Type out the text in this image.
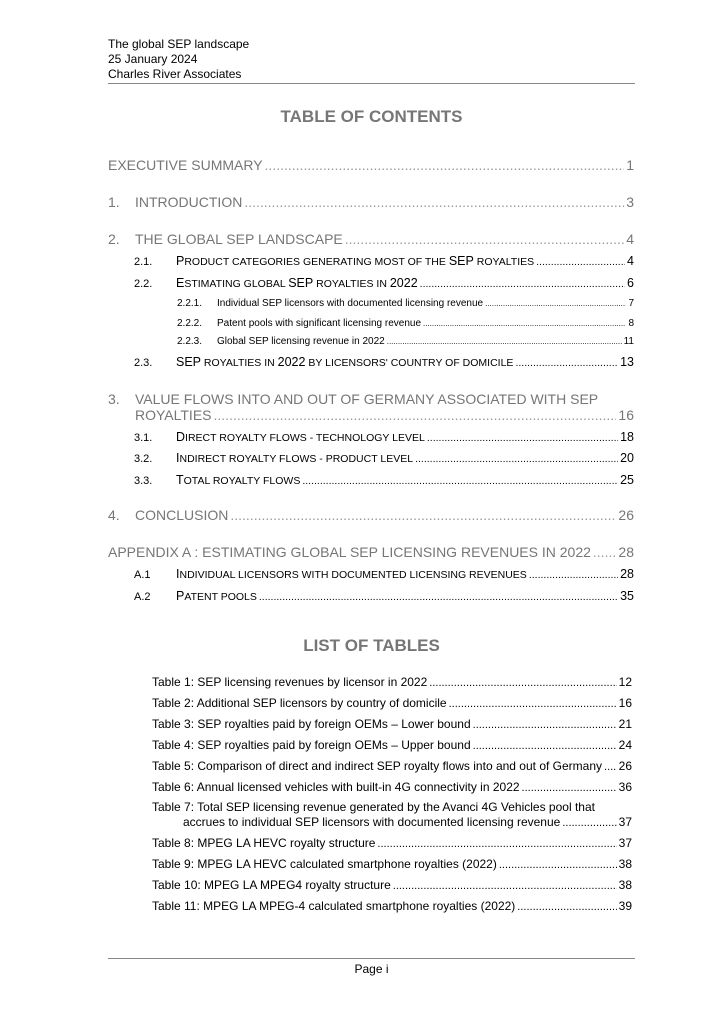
The global SEP landscape
25 January 2024
Charles River Associates
TABLE OF CONTENTS
EXECUTIVE SUMMARY .....	1
1.	INTRODUCTION .....	3
2.	THE GLOBAL SEP LANDSCAPE .....	4
2.1.	PRODUCT CATEGORIES GENERATING MOST OF THE SEP ROYALTIES .....	4
2.2.	ESTIMATING GLOBAL SEP ROYALTIES IN 2022 .....	6
2.2.1.	Individual SEP licensors with documented licensing revenue .....	7
2.2.2.	Patent pools with significant licensing revenue .....	8
2.2.3.	Global SEP licensing revenue in 2022 .....	11
2.3.	SEP ROYALTIES IN 2022 BY LICENSORS' COUNTRY OF DOMICILE .....	13
3. VALUE FLOWS INTO AND OUT OF GERMANY ASSOCIATED WITH SEP
ROYALTIES .....	16
3.1.	DIRECT ROYALTY FLOWS - TECHNOLOGY LEVEL .....	18
3.2.	INDIRECT ROYALTY FLOWS - PRODUCT LEVEL .....	20
3.3.	TOTAL ROYALTY FLOWS .....	25
4.	CONCLUSION .....	26
APPENDIX A : ESTIMATING GLOBAL SEP LICENSING REVENUES IN 2022 ..... 28
A.1	INDIVIDUAL LICENSORS WITH DOCUMENTED LICENSING REVENUES .....	28
A.2	PATENT POOLS .....	35
LIST OF TABLES
Table 1: SEP licensing revenues by licensor in 2022 .....	12
Table 2: Additional SEP licensors by country of domicile .....	16
Table 3: SEP royalties paid by foreign OEMs – Lower bound .....	21
Table 4: SEP royalties paid by foreign OEMs – Upper bound .....	24
Table 5: Comparison of direct and indirect SEP royalty flows into and out of Germany ..... 26
Table 6: Annual licensed vehicles with built-in 4G connectivity in 2022 .....	36
Table 7: Total SEP licensing revenue generated by the Avanci 4G Vehicles pool that
accrues to individual SEP licensors with documented licensing revenue .....	37
Table 8: MPEG LA HEVC royalty structure .....	37
Table 9: MPEG LA HEVC calculated smartphone royalties (2022) .....	38
Table 10: MPEG LA MPEG4 royalty structure .....	38
Table 11: MPEG LA MPEG-4 calculated smartphone royalties (2022) .....	39
Page i
